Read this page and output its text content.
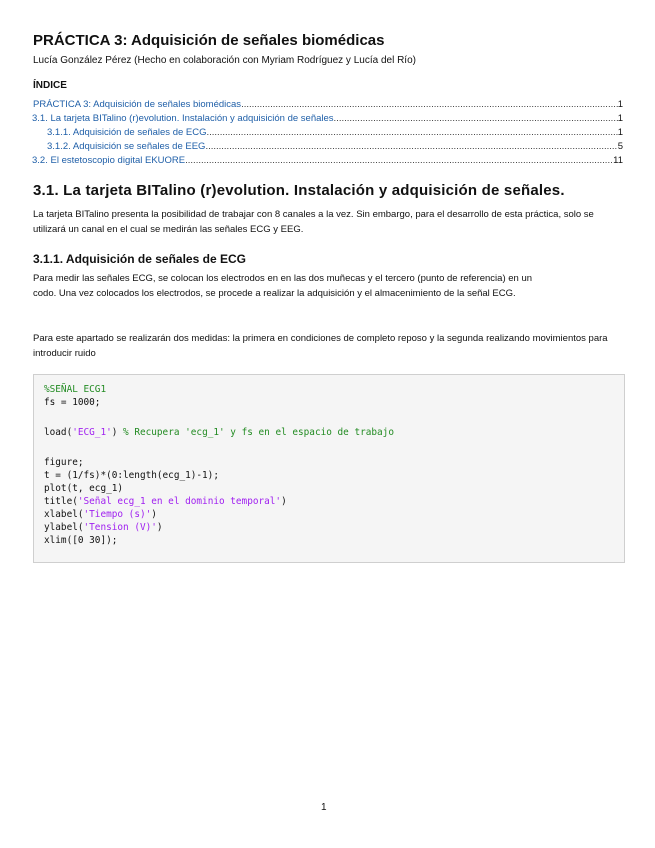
PRÁCTICA 3: Adquisición de señales biomédicas
Lucía González Pérez (Hecho en colaboración con Myriam Rodríguez y Lucía del Río)
ÍNDICE
PRÁCTICA 3: Adquisición de señales biomédicas .....	1
3.1. La tarjeta BITalino (r)evolution. Instalación y adquisición de señales .....	1
3.1.1. Adquisición de señales de ECG .....	1
3.1.2. Adquisición se señales de EEG .....	5
3.2. El estetoscopio digital EKUORE .....	11
3.1. La tarjeta BITalino (r)evolution. Instalación y adquisición de señales.
La tarjeta BITalino presenta la posibilidad de trabajar con 8 canales a la vez. Sin embargo, para el desarrollo de esta práctica, solo se utilizará un canal en el cual se medirán las señales ECG y EEG.
3.1.1. Adquisición de señales de ECG
Para medir las señales ECG, se colocan los electrodos en en las dos muñecas y el tercero (punto de referencia) en un codo. Una vez colocados los electrodos, se procede a realizar la adquisición y el almacenimiento de la señal ECG.
Para este apartado se realizarán dos medidas: la primera en condiciones de completo reposo y la segunda realizando movimientos para introducir ruido
%SEÑAL ECG1
fs = 1000;
load('ECG_1') % Recupera 'ecg_1' y fs en el espacio de trabajo
figure;
t = (1/fs)*(0:length(ecg_1)-1);
plot(t, ecg_1)
title('Señal ecg_1 en el dominio temporal')
xlabel('Tiempo (s)')
ylabel('Tension (V)')
xlim([0 30]);
1
